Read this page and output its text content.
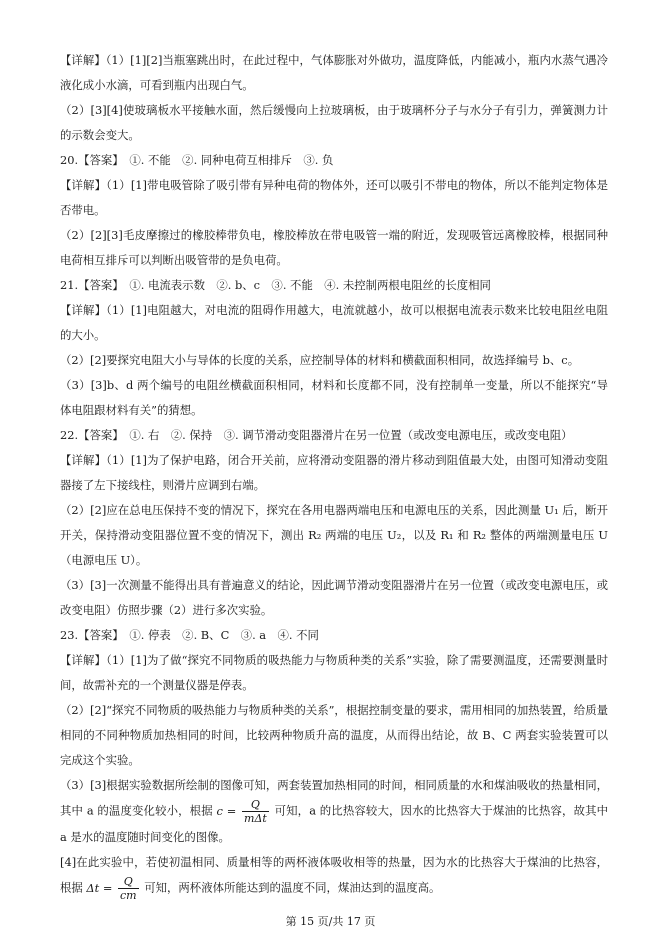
【详解】（1）[1][2]当瓶塞跳出时，在此过程中，气体膨胀对外做功，温度降低，内能减小，瓶内水蒸气遇冷液化成小水滴，可看到瓶内出现白气。

（2）[3][4]使玻璃板水平接触水面，然后缓慢向上拉玻璃板，由于玻璃杯分子与水分子有引力，弹簧测力计的示数会变大。

20.【答案】　①. 不能　②. 同种电荷互相排斥　③. 负

【详解】（1）[1]带电吸管除了吸引带有异种电荷的物体外，还可以吸引不带电的物体，所以不能判定物体是否带电。

（2）[2][3]毛皮摩擦过的橡胶棒带负电，橡胶棒放在带电吸管一端的附近，发现吸管远离橡胶棒，根据同种电荷相互排斥可以判断出吸管带的是负电荷。

21.【答案】　①. 电流表示数　②. b、c　③. 不能　④. 未控制两根电阻丝的长度相同

【详解】（1）[1]电阻越大，对电流的阻碍作用越大，电流就越小，故可以根据电流表示数来比较电阻丝电阻的大小。

（2）[2]要探究电阻大小与导体的长度的关系，应控制导体的材料和横截面积相同，故选择编号 b、c。

（3）[3]b、d 两个编号的电阻丝横截面积相同，材料和长度都不同，没有控制单一变量，所以不能探究“导体电阻跟材料有关”的猜想。

22.【答案】　①. 右　②. 保持　③. 调节滑动变阻器滑片在另一位置（或改变电源电压，或改变电阻）

【详解】（1）[1]为了保护电路，闭合开关前，应将滑动变阻器的滑片移动到阻值最大处，由图可知滑动变阻器接了左下接线柱，则滑片应调到右端。

（2）[2]应在总电压保持不变的情况下，探究在各用电器两端电压和电源电压的关系，因此测量 U₁ 后，断开开关，保持滑动变阻器位置不变的情况下，测出 R₂ 两端的电压 U₂，以及 R₁ 和 R₂ 整体的两端测量电压 U（电源电压 U）。

（3）[3]一次测量不能得出具有普遍意义的结论，因此调节滑动变阻器滑片在另一位置（或改变电源电压，或改变电阻）仿照步骤（2）进行多次实验。

23.【答案】　①. 停表　②. B、C　③. a　④. 不同

【详解】（1）[1]为了做“探究不同物质的吸热能力与物质种类的关系”实验，除了需要测温度，还需要测量时间，故需补充的一个测量仪器是停表。

（2）[2]“探究不同物质的吸热能力与物质种类的关系”，根据控制变量的要求，需用相同的加热装置，给质量相同的不同种物质加热相同的时间，比较两种物质升高的温度，从而得出结论，故 B、C 两套实验装置可以完成这个实验。

（3）[3]根据实验数据所绘制的图像可知，两套装置加热相同的时间，相同质量的水和煤油吸收的热量相同，其中 a 的温度变化较小，根据 $c = \frac{Q}{\text{mΔt}}$ 可知，a 的比热容较大，因水的比热容大于煤油的比热容，故其中 a 是水的温度随时间变化的图像。

[4]在此实验中，若使初温相同、质量相等的两杯液体吸收相等的热量，因为水的比热容大于煤油的比热容，根据 $\Delta t = \frac{Q}{cm}$ 可知，两杯液体所能达到的温度不同，煤油达到的温度高。

第 15 页/共 17 页
